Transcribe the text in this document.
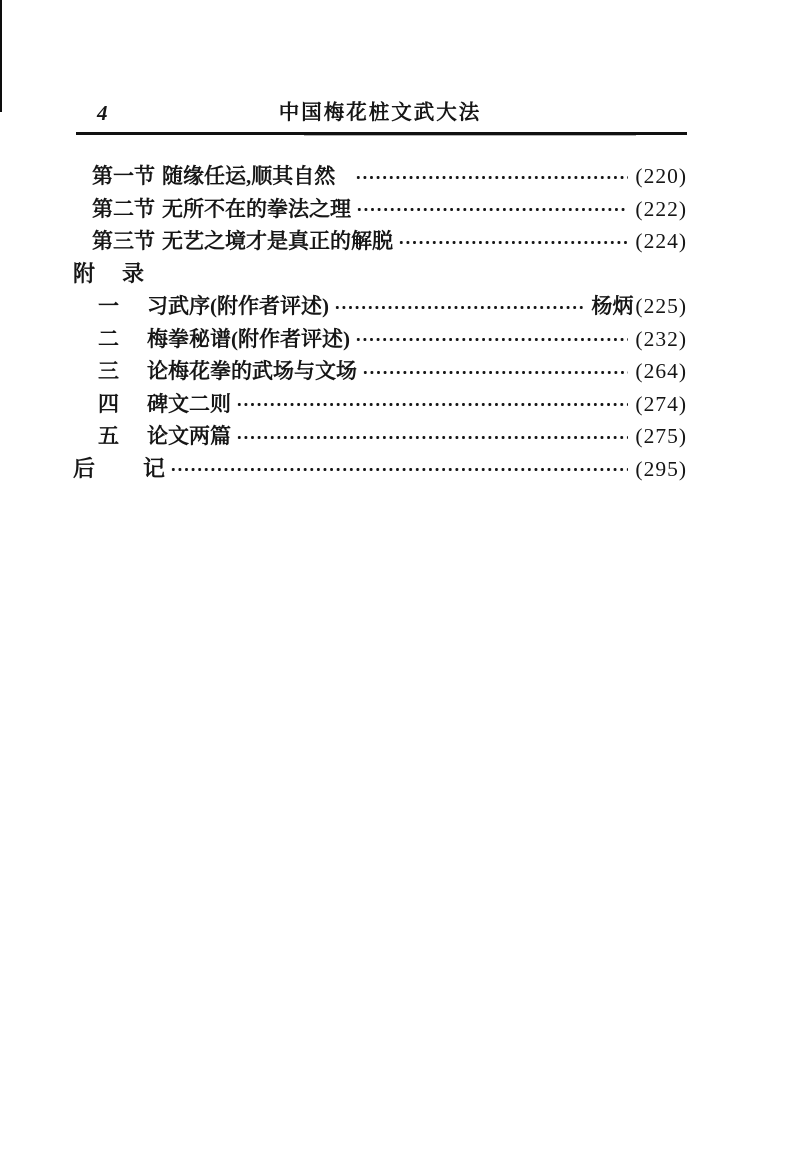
4	中国梅花桩文武大法
第一节 随缘任运,顺其自然	(220)
第二节 无所不在的拳法之理	(222)
第三节 无艺之境才是真正的解脱	(224)
附 录
一 习武序(附作者评述)	杨炳 (225)
二 梅拳秘谱(附作者评述)	(232)
三 论梅花拳的武场与文场	(264)
四 碑文二则	(274)
五 论文两篇	(275)
后 记	(295)
